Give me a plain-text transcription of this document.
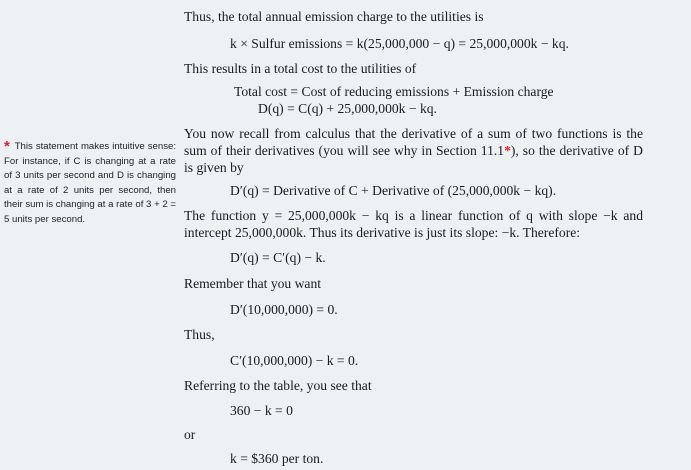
* This statement makes intuitive sense: For instance, if C is changing at a rate of 3 units per second and D is changing at a rate of 2 units per second, then their sum is changing at a rate of 3 + 2 = 5 units per second.
Thus, the total annual emission charge to the utilities is
k × Sulfur emissions = k(25,000,000 − q) = 25,000,000k − kq.
This results in a total cost to the utilities of
Total cost = Cost of reducing emissions + Emission charge
D(q) = C(q) + 25,000,000k − kq.
You now recall from calculus that the derivative of a sum of two functions is the sum of their derivatives (you will see why in Section 11.1*), so the derivative of D is given by
D′(q) = Derivative of C + Derivative of (25,000,000k − kq).
The function y = 25,000,000k − kq is a linear function of q with slope −k and intercept 25,000,000k. Thus its derivative is just its slope: −k. Therefore:
D′(q) = C′(q) − k.
Remember that you want
D′(10,000,000) = 0.
Thus,
C′(10,000,000) − k = 0.
Referring to the table, you see that
360 − k = 0
or
k = $360 per ton.
